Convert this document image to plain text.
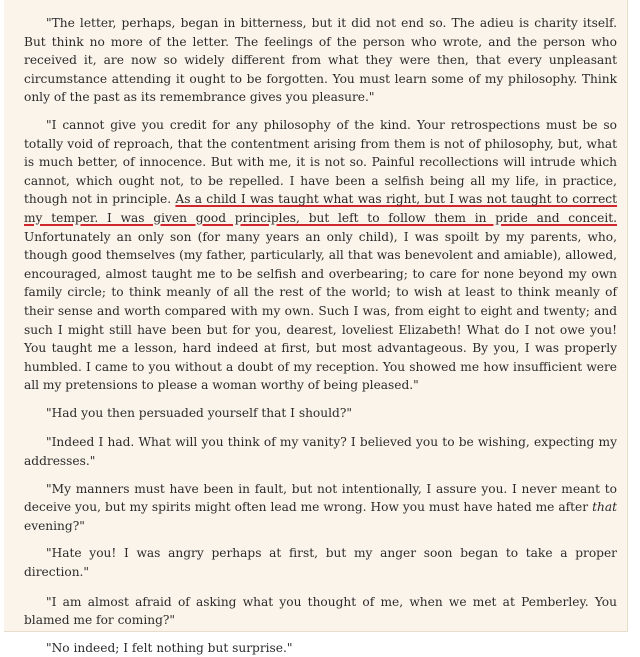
"The letter, perhaps, began in bitterness, but it did not end so. The adieu is charity itself. But think no more of the letter. The feelings of the person who wrote, and the person who received it, are now so widely different from what they were then, that every unpleasant circumstance attending it ought to be forgotten. You must learn some of my philosophy. Think only of the past as its remembrance gives you pleasure."

"I cannot give you credit for any philosophy of the kind. Your retrospections must be so totally void of reproach, that the contentment arising from them is not of philosophy, but, what is much better, of innocence. But with me, it is not so. Painful recollections will intrude which cannot, which ought not, to be repelled. I have been a selfish being all my life, in practice, though not in principle. As a child I was taught what was right, but I was not taught to correct my temper. I was given good principles, but left to follow them in pride and conceit. Unfortunately an only son (for many years an only child), I was spoilt by my parents, who, though good themselves (my father, particularly, all that was benevolent and amiable), allowed, encouraged, almost taught me to be selfish and overbearing; to care for none beyond my own family circle; to think meanly of all the rest of the world; to wish at least to think meanly of their sense and worth compared with my own. Such I was, from eight to eight and twenty; and such I might still have been but for you, dearest, loveliest Elizabeth! What do I not owe you! You taught me a lesson, hard indeed at first, but most advantageous. By you, I was properly humbled. I came to you without a doubt of my reception. You showed me how insufficient were all my pretensions to please a woman worthy of being pleased."

"Had you then persuaded yourself that I should?"

"Indeed I had. What will you think of my vanity? I believed you to be wishing, expecting my addresses."

"My manners must have been in fault, but not intentionally, I assure you. I never meant to deceive you, but my spirits might often lead me wrong. How you must have hated me after that evening?"

"Hate you! I was angry perhaps at first, but my anger soon began to take a proper direction."

"I am almost afraid of asking what you thought of me, when we met at Pemberley. You blamed me for coming?"

"No indeed; I felt nothing but surprise."
